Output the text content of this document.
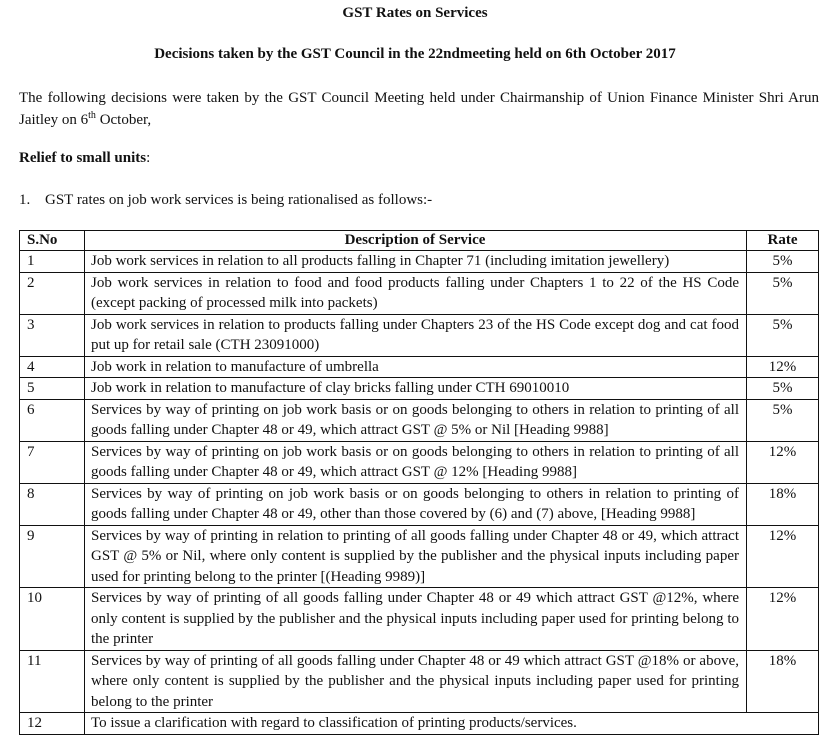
GST Rates on Services
Decisions taken by the GST Council in the 22ndmeeting held on 6th October 2017
The following decisions were taken by the GST Council Meeting held under Chairmanship of Union Finance Minister Shri Arun Jaitley on 6th October,
Relief to small units:
1. GST rates on job work services is being rationalised as follows:-
S.No	Description of Service	Rate
1	Job work services in relation to all products falling in Chapter 71 (including imitation jewellery)	5%
2	Job work services in relation to food and food products falling under Chapters 1 to 22 of the HS Code (except packing of processed milk into packets)	5%
3	Job work services in relation to products falling under Chapters 23 of the HS Code except dog and cat food put up for retail sale (CTH 23091000)	5%
4	Job work in relation to manufacture of umbrella	12%
5	Job work in relation to manufacture of clay bricks falling under CTH 69010010	5%
6	Services by way of printing on job work basis or on goods belonging to others in relation to printing of all goods falling under Chapter 48 or 49, which attract GST @ 5% or Nil [Heading 9988]	5%
7	Services by way of printing on job work basis or on goods belonging to others in relation to printing of all goods falling under Chapter 48 or 49, which attract GST @ 12% [Heading 9988]	12%
8	Services by way of printing on job work basis or on goods belonging to others in relation to printing of goods falling under Chapter 48 or 49, other than those covered by (6) and (7) above, [Heading 9988]	18%
9	Services by way of printing in relation to printing of all goods falling under Chapter 48 or 49, which attract GST @ 5% or Nil, where only content is supplied by the publisher and the physical inputs including paper used for printing belong to the printer [(Heading 9989)]	12%
10	Services by way of printing of all goods falling under Chapter 48 or 49 which attract GST @12%, where only content is supplied by the publisher and the physical inputs including paper used for printing belong to the printer	12%
11	Services by way of printing of all goods falling under Chapter 48 or 49 which attract GST @18% or above, where only content is supplied by the publisher and the physical inputs including paper used for printing belong to the printer	18%
12	To issue a clarification with regard to classification of printing products/services.	
